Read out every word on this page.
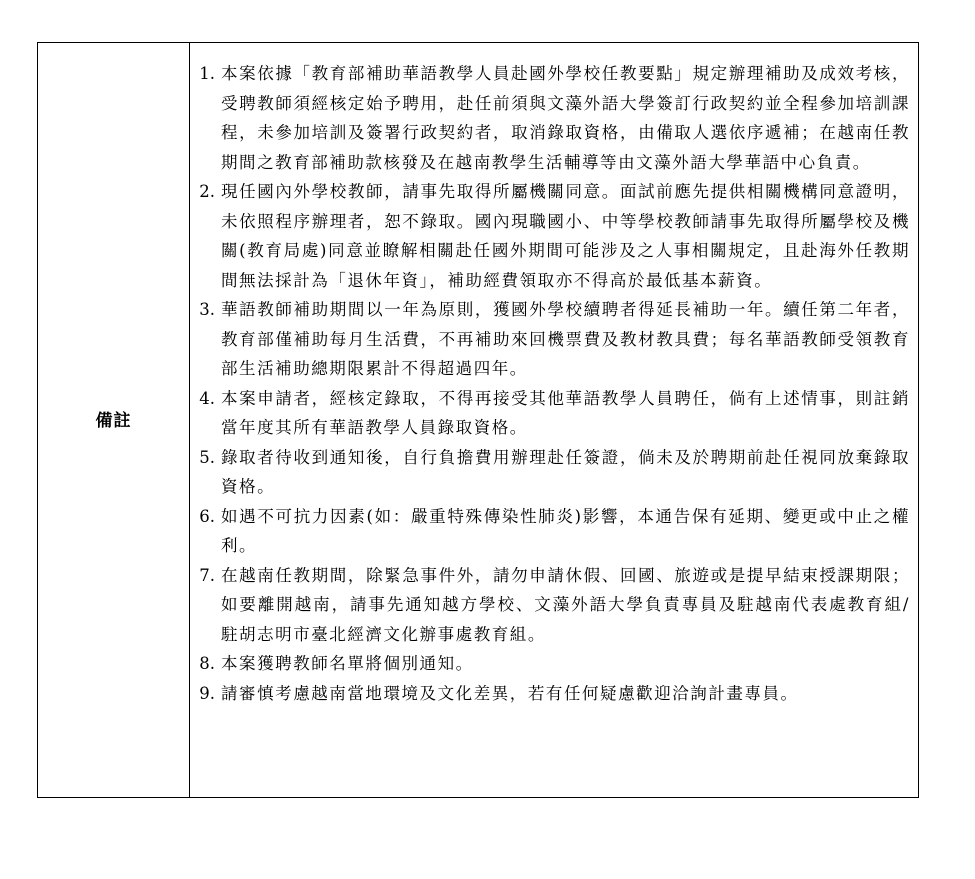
備註
1. 本案依據「教育部補助華語教學人員赴國外學校任教要點」規定辦理補助及成效考核，受聘教師須經核定始予聘用，赴任前須與文藻外語大學簽訂行政契約並全程參加培訓課程，未參加培訓及簽署行政契約者，取消錄取資格，由備取人選依序遞補；在越南任教期間之教育部補助款核發及在越南教學生活輔導等由文藻外語大學華語中心負責。
2. 現任國內外學校教師，請事先取得所屬機關同意。面試前應先提供相關機構同意證明，未依照程序辦理者，恕不錄取。國內現職國小、中等學校教師請事先取得所屬學校及機關(教育局處)同意並瞭解相關赴任國外期間可能涉及之人事相關規定，且赴海外任教期間無法採計為「退休年資」，補助經費領取亦不得高於最低基本薪資。
3. 華語教師補助期間以一年為原則，獲國外學校續聘者得延長補助一年。續任第二年者，教育部僅補助每月生活費，不再補助來回機票費及教材教具費；每名華語教師受領教育部生活補助總期限累計不得超過四年。
4. 本案申請者，經核定錄取，不得再接受其他華語教學人員聘任，倘有上述情事，則註銷當年度其所有華語教學人員錄取資格。
5. 錄取者待收到通知後，自行負擔費用辦理赴任簽證，倘未及於聘期前赴任視同放棄錄取資格。
6. 如遇不可抗力因素(如：嚴重特殊傳染性肺炎)影響，本通告保有延期、變更或中止之權利。
7. 在越南任教期間，除緊急事件外，請勿申請休假、回國、旅遊或是提早結束授課期限；如要離開越南，請事先通知越方學校、文藻外語大學負責專員及駐越南代表處教育組/駐胡志明市臺北經濟文化辦事處教育組。
8. 本案獲聘教師名單將個別通知。
9. 請審慎考慮越南當地環境及文化差異，若有任何疑慮歡迎洽詢計畫專員。
